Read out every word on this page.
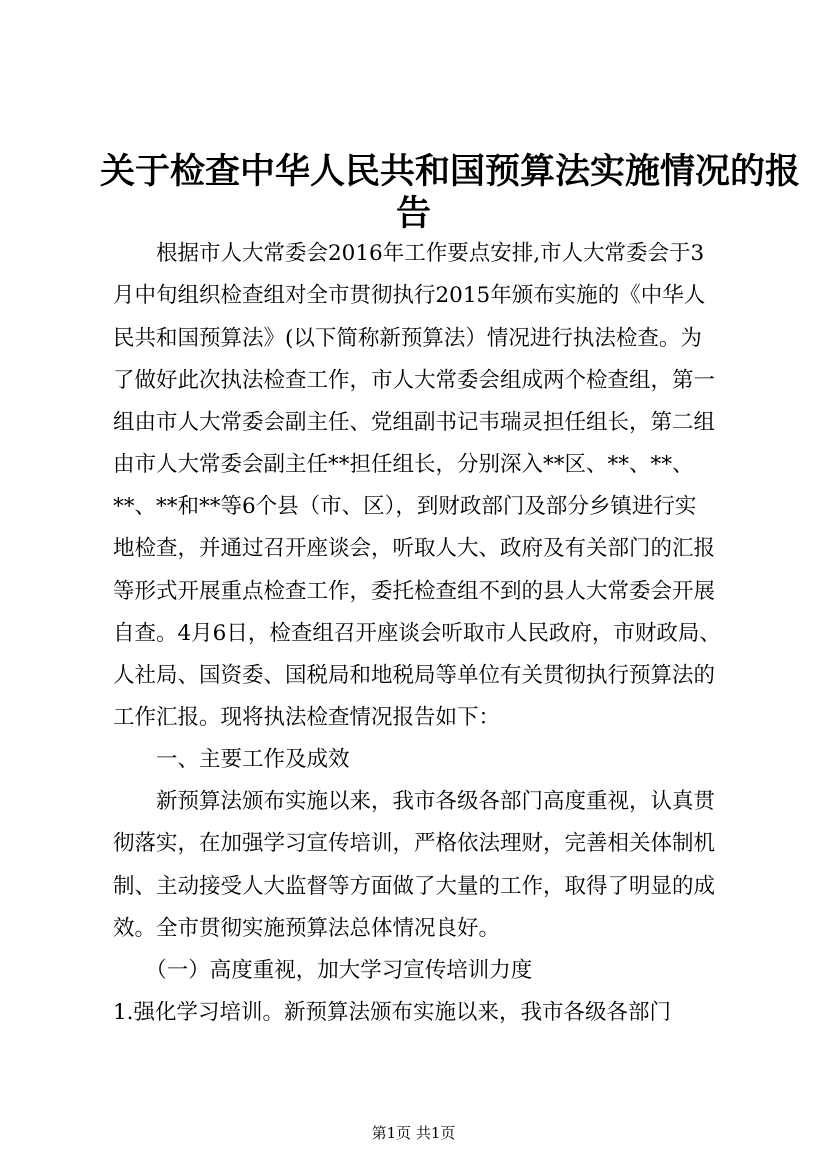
关于检查中华人民共和国预算法实施情况的报
告
　　根据市人大常委会2016年工作要点安排,市人大常委会于3
月中旬组织检查组对全市贯彻执行2015年颁布实施的《中华人
民共和国预算法》(以下简称新预算法）情况进行执法检查。为
了做好此次执法检查工作，市人大常委会组成两个检查组，第一
组由市人大常委会副主任、党组副书记韦瑞灵担任组长，第二组
由市人大常委会副主任**担任组长，分别深入**区、**、**、
**、**和**等6个县（市、区），到财政部门及部分乡镇进行实
地检查，并通过召开座谈会，听取人大、政府及有关部门的汇报
等形式开展重点检查工作，委托检查组不到的县人大常委会开展
自查。4月6日，检查组召开座谈会听取市人民政府，市财政局、
人社局、国资委、国税局和地税局等单位有关贯彻执行预算法的
工作汇报。现将执法检查情况报告如下：
　　一、主要工作及成效
　　新预算法颁布实施以来，我市各级各部门高度重视，认真贯
彻落实，在加强学习宣传培训，严格依法理财，完善相关体制机
制、主动接受人大监督等方面做了大量的工作，取得了明显的成
效。全市贯彻实施预算法总体情况良好。
　　（一）高度重视，加大学习宣传培训力度
1.强化学习培训。新预算法颁布实施以来，我市各级各部门
第1页 共1页
